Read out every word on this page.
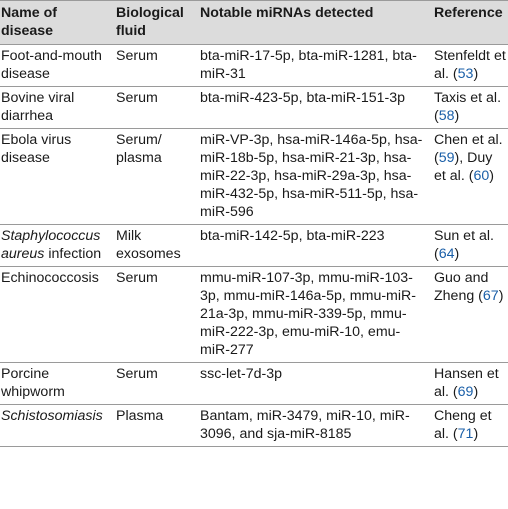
Name of disease	Biological fluid	Notable miRNAs detected	Reference
Foot-and-mouth disease	Serum	bta-miR-17-5p, bta-miR-1281, bta-miR-31	Stenfeldt et al. (53)
Bovine viral diarrhea	Serum	bta-miR-423-5p, bta-miR-151-3p	Taxis et al. (58)
Ebola virus disease	Serum/ plasma	miR-VP-3p, hsa-miR-146a-5p, hsa-miR-18b-5p, hsa-miR-21-3p, hsa-miR-22-3p, hsa-miR-29a-3p, hsa-miR-432-5p, hsa-miR-511-5p, hsa-miR-596	Chen et al. (59), Duy et al. (60)
Staphylococcus aureus infection	Milk exosomes	bta-miR-142-5p, bta-miR-223	Sun et al. (64)
Echinococcosis	Serum	mmu-miR-107-3p, mmu-miR-103-3p, mmu-miR-146a-5p, mmu-miR-21a-3p, mmu-miR-339-5p, mmu-miR-222-3p, emu-miR-10, emu-miR-277	Guo and Zheng (67)
Porcine whipworm	Serum	ssc-let-7d-3p	Hansen et al. (69)
Schistosomiasis	Plasma	Bantam, miR-3479, miR-10, miR-3096, and sja-miR-8185	Cheng et al. (71)
